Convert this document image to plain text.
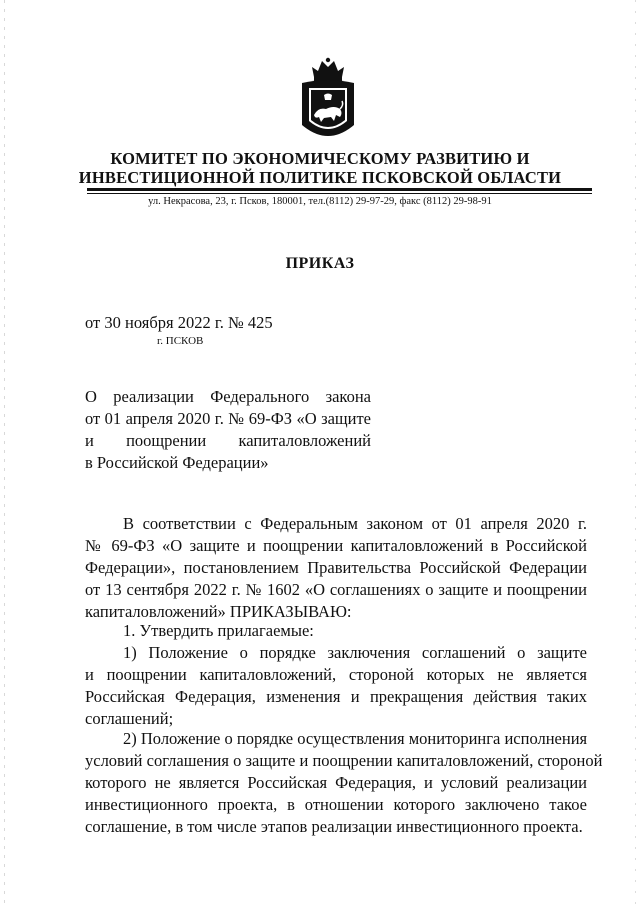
КОМИТЕТ ПО ЭКОНОМИЧЕСКОМУ РАЗВИТИЮ И
ИНВЕСТИЦИОННОЙ ПОЛИТИКЕ ПСКОВСКОЙ ОБЛАСТИ
ул. Некрасова, 23, г. Псков, 180001, тел.(8112) 29-97-29, факс (8112) 29-98-91
ПРИКАЗ
от 30 ноября 2022 г. № 425
г. ПСКОВ
О реализации Федерального закона
от 01 апреля 2020 г. № 69-ФЗ «О защите
и поощрении капиталовложений
в Российской Федерации»
В соответствии с Федеральным законом от 01 апреля 2020 г.
№ 69-ФЗ «О защите и поощрении капиталовложений в Российской
Федерации», постановлением Правительства Российской Федерации
от 13 сентября 2022 г. № 1602 «О соглашениях о защите и поощрении
капиталовложений» ПРИКАЗЫВАЮ:
1. Утвердить прилагаемые:
1) Положение о порядке заключения соглашений о защите
и поощрении капиталовложений, стороной которых не является
Российская Федерация, изменения и прекращения действия таких
соглашений;
2) Положение о порядке осуществления мониторинга исполнения
условий соглашения о защите и поощрении капиталовложений, стороной
которого не является Российская Федерация, и условий реализации
инвестиционного проекта, в отношении которого заключено такое
соглашение, в том числе этапов реализации инвестиционного проекта.
